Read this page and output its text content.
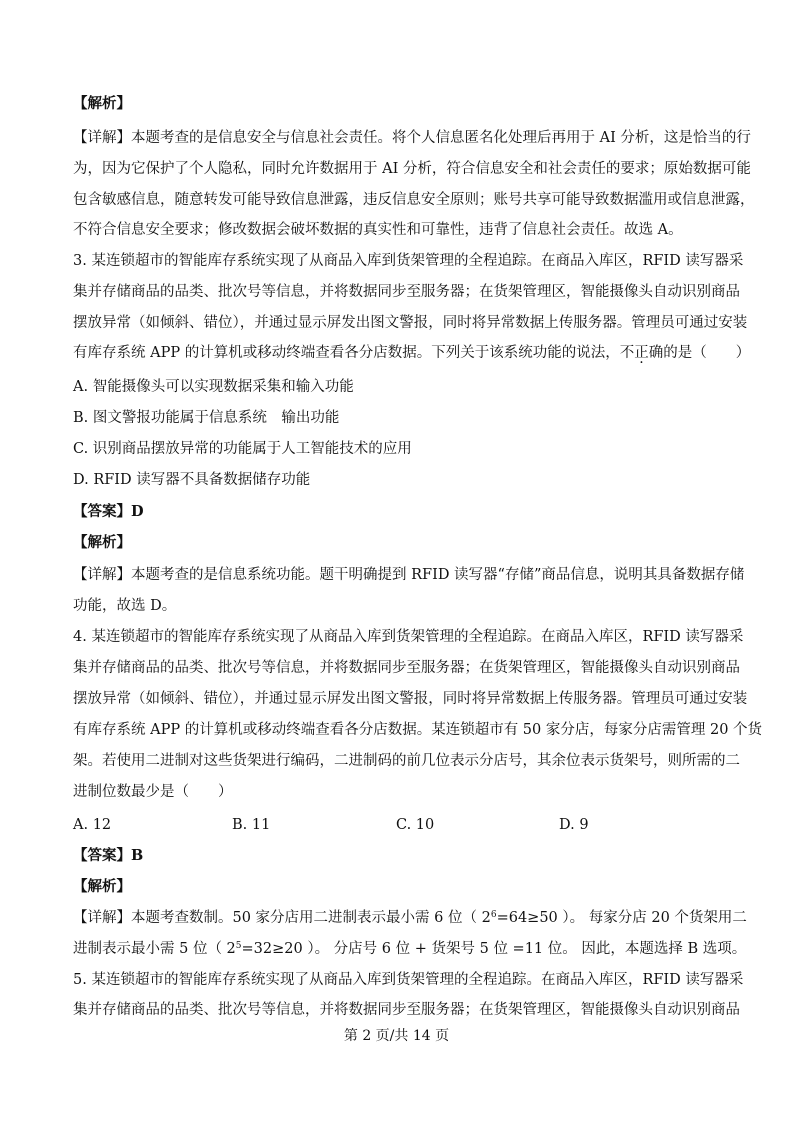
【解析】
【详解】本题考查的是信息安全与信息社会责任。将个人信息匿名化处理后再用于 AI 分析，这是恰当的行
为，因为它保护了个人隐私，同时允许数据用于 AI 分析，符合信息安全和社会责任的要求；原始数据可能
包含敏感信息，随意转发可能导致信息泄露，违反信息安全原则；账号共享可能导致数据滥用或信息泄露，
不符合信息安全要求；修改数据会破坏数据的真实性和可靠性，违背了信息社会责任。故选 A。
3. 某连锁超市的智能库存系统实现了从商品入库到货架管理的全程追踪。在商品入库区，RFID 读写器采
集并存储商品的品类、批次号等信息，并将数据同步至服务器；在货架管理区，智能摄像头自动识别商品
摆放异常（如倾斜、错位），并通过显示屏发出图文警报，同时将异常数据上传服务器。管理员可通过安装
有库存系统 APP 的计算机或移动终端查看各分店数据。下列关于该系统功能的说法，不正确的是（　　）
A. 智能摄像头可以实现数据采集和输入功能
B. 图文警报功能属于信息系统　输出功能
C. 识别商品摆放异常的功能属于人工智能技术的应用
D. RFID 读写器不具备数据储存功能
【答案】D
【解析】
【详解】本题考查的是信息系统功能。题干明确提到 RFID 读写器“存储”商品信息，说明其具备数据存储
功能，故选 D。
4. 某连锁超市的智能库存系统实现了从商品入库到货架管理的全程追踪。在商品入库区，RFID 读写器采
集并存储商品的品类、批次号等信息，并将数据同步至服务器；在货架管理区，智能摄像头自动识别商品
摆放异常（如倾斜、错位），并通过显示屏发出图文警报，同时将异常数据上传服务器。管理员可通过安装
有库存系统 APP 的计算机或移动终端查看各分店数据。某连锁超市有 50 家分店，每家分店需管理 20 个货
架。若使用二进制对这些货架进行编码，二进制码的前几位表示分店号，其余位表示货架号，则所需的二
进制位数最少是（　　）
A. 12	B. 11	C. 10	D. 9
【答案】B
【解析】
【详解】本题考查数制。50 家分店用二进制表示最小需 6 位（ $2^6=64\ge 50$ ）。 每家分店 20 个货架用二
进制表示最小需 5 位（ $2^5=32\ge 20$ ）。 分店号 6 位 + 货架号 5 位 =11 位。 因此，本题选择 B 选项。
5. 某连锁超市的智能库存系统实现了从商品入库到货架管理的全程追踪。在商品入库区，RFID 读写器采
集并存储商品的品类、批次号等信息，并将数据同步至服务器；在货架管理区，智能摄像头自动识别商品
第 2 页/共 14 页
